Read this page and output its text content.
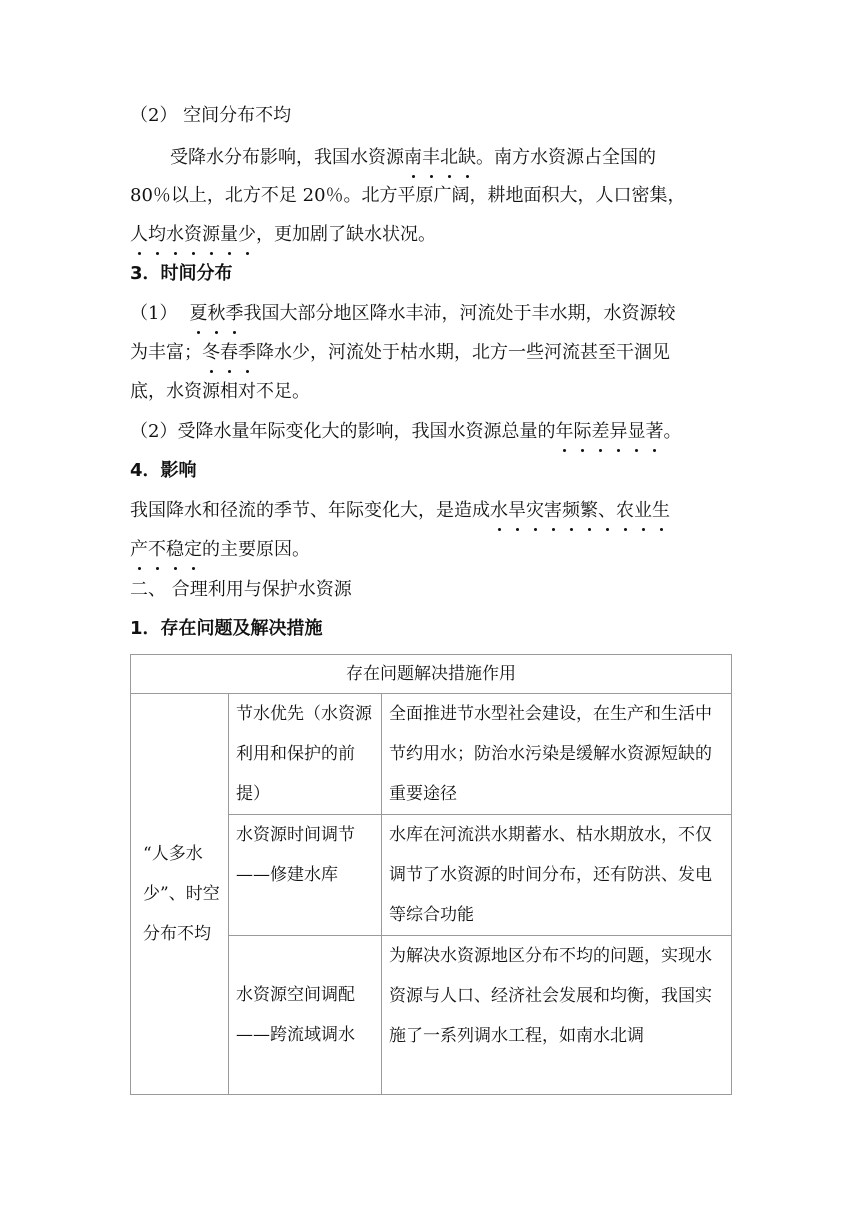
（2） 空间分布不均
受降水分布影响，我国水资源南丰北缺。南方水资源占全国的
80％以上，北方不足 20％。北方平原广阔，耕地面积大，人口密集，
人均水资源量少，更加剧了缺水状况。
3．时间分布
（1） 夏秋季我国大部分地区降水丰沛，河流处于丰水期，水资源较
为丰富；冬春季降水少，河流处于枯水期，北方一些河流甚至干涸见
底，水资源相对不足。
（2）受降水量年际变化大的影响，我国水资源总量的年际差异显著。
4．影响
我国降水和径流的季节、年际变化大，是造成水旱灾害频繁、农业生
产不稳定的主要原因。
二、 合理利用与保护水资源
1．存在问题及解决措施
存在问题解决措施作用		
“人多水少”、时空分布不均	节水优先（水资源利用和保护的前提）	全面推进节水型社会建设，在生产和生活中节约用水；防治水污染是缓解水资源短缺的重要途径
	水资源时间调节——修建水库	水库在河流洪水期蓄水、枯水期放水，不仅调节了水资源的时间分布，还有防洪、发电等综合功能
	水资源空间调配——跨流域调水	为解决水资源地区分布不均的问题，实现水资源与人口、经济社会发展和均衡，我国实施了一系列调水工程，如南水北调
